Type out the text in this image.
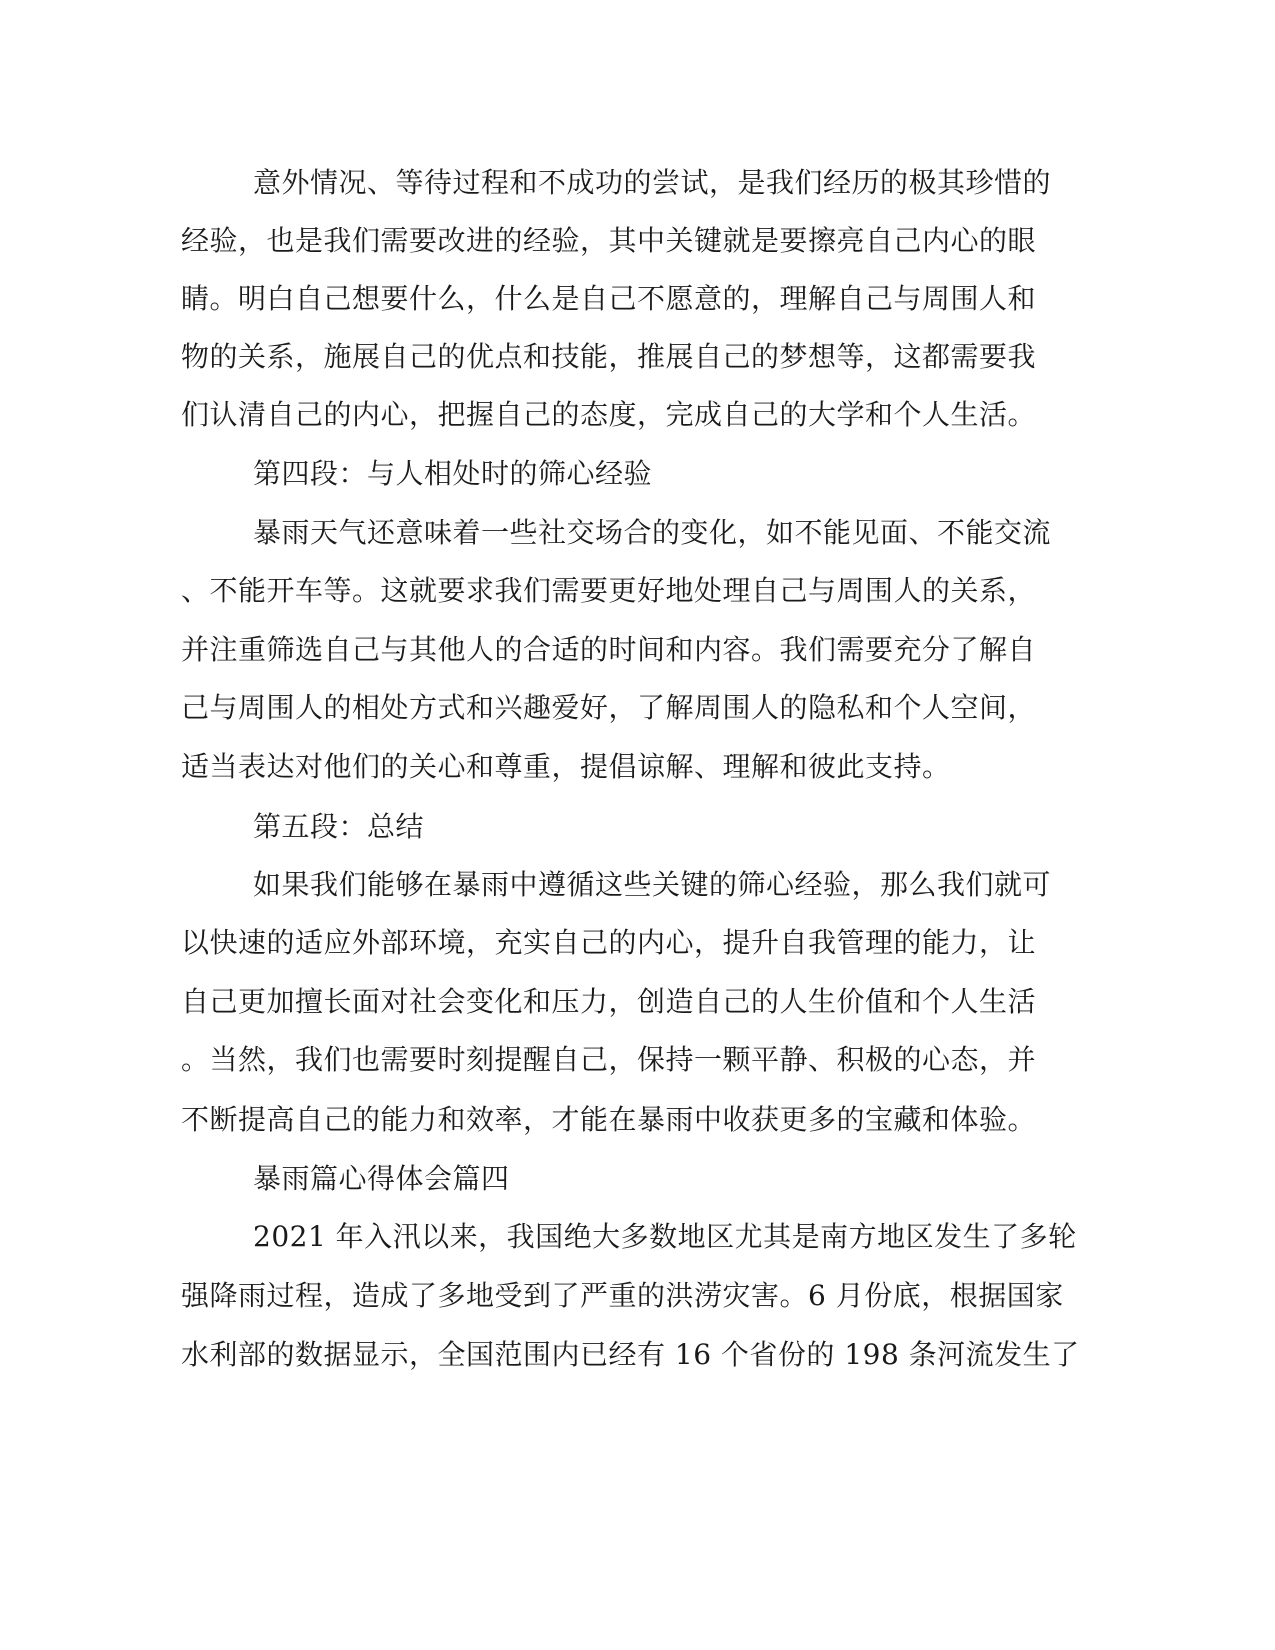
意外情况、等待过程和不成功的尝试，是我们经历的极其珍惜的
经验，也是我们需要改进的经验，其中关键就是要擦亮自己内心的眼
睛。明白自己想要什么，什么是自己不愿意的，理解自己与周围人和
物的关系，施展自己的优点和技能，推展自己的梦想等，这都需要我
们认清自己的内心，把握自己的态度，完成自己的大学和个人生活。
第四段：与人相处时的筛心经验
暴雨天气还意味着一些社交场合的变化，如不能见面、不能交流
、不能开车等。这就要求我们需要更好地处理自己与周围人的关系，
并注重筛选自己与其他人的合适的时间和内容。我们需要充分了解自
己与周围人的相处方式和兴趣爱好，了解周围人的隐私和个人空间，
适当表达对他们的关心和尊重，提倡谅解、理解和彼此支持。
第五段：总结
如果我们能够在暴雨中遵循这些关键的筛心经验，那么我们就可
以快速的适应外部环境，充实自己的内心，提升自我管理的能力，让
自己更加擅长面对社会变化和压力，创造自己的人生价值和个人生活
。当然，我们也需要时刻提醒自己，保持一颗平静、积极的心态，并
不断提高自己的能力和效率，才能在暴雨中收获更多的宝藏和体验。
暴雨篇心得体会篇四
2021 年入汛以来，我国绝大多数地区尤其是南方地区发生了多轮
强降雨过程，造成了多地受到了严重的洪涝灾害。6 月份底，根据国家
水利部的数据显示，全国范围内已经有 16 个省份的 198 条河流发生了
